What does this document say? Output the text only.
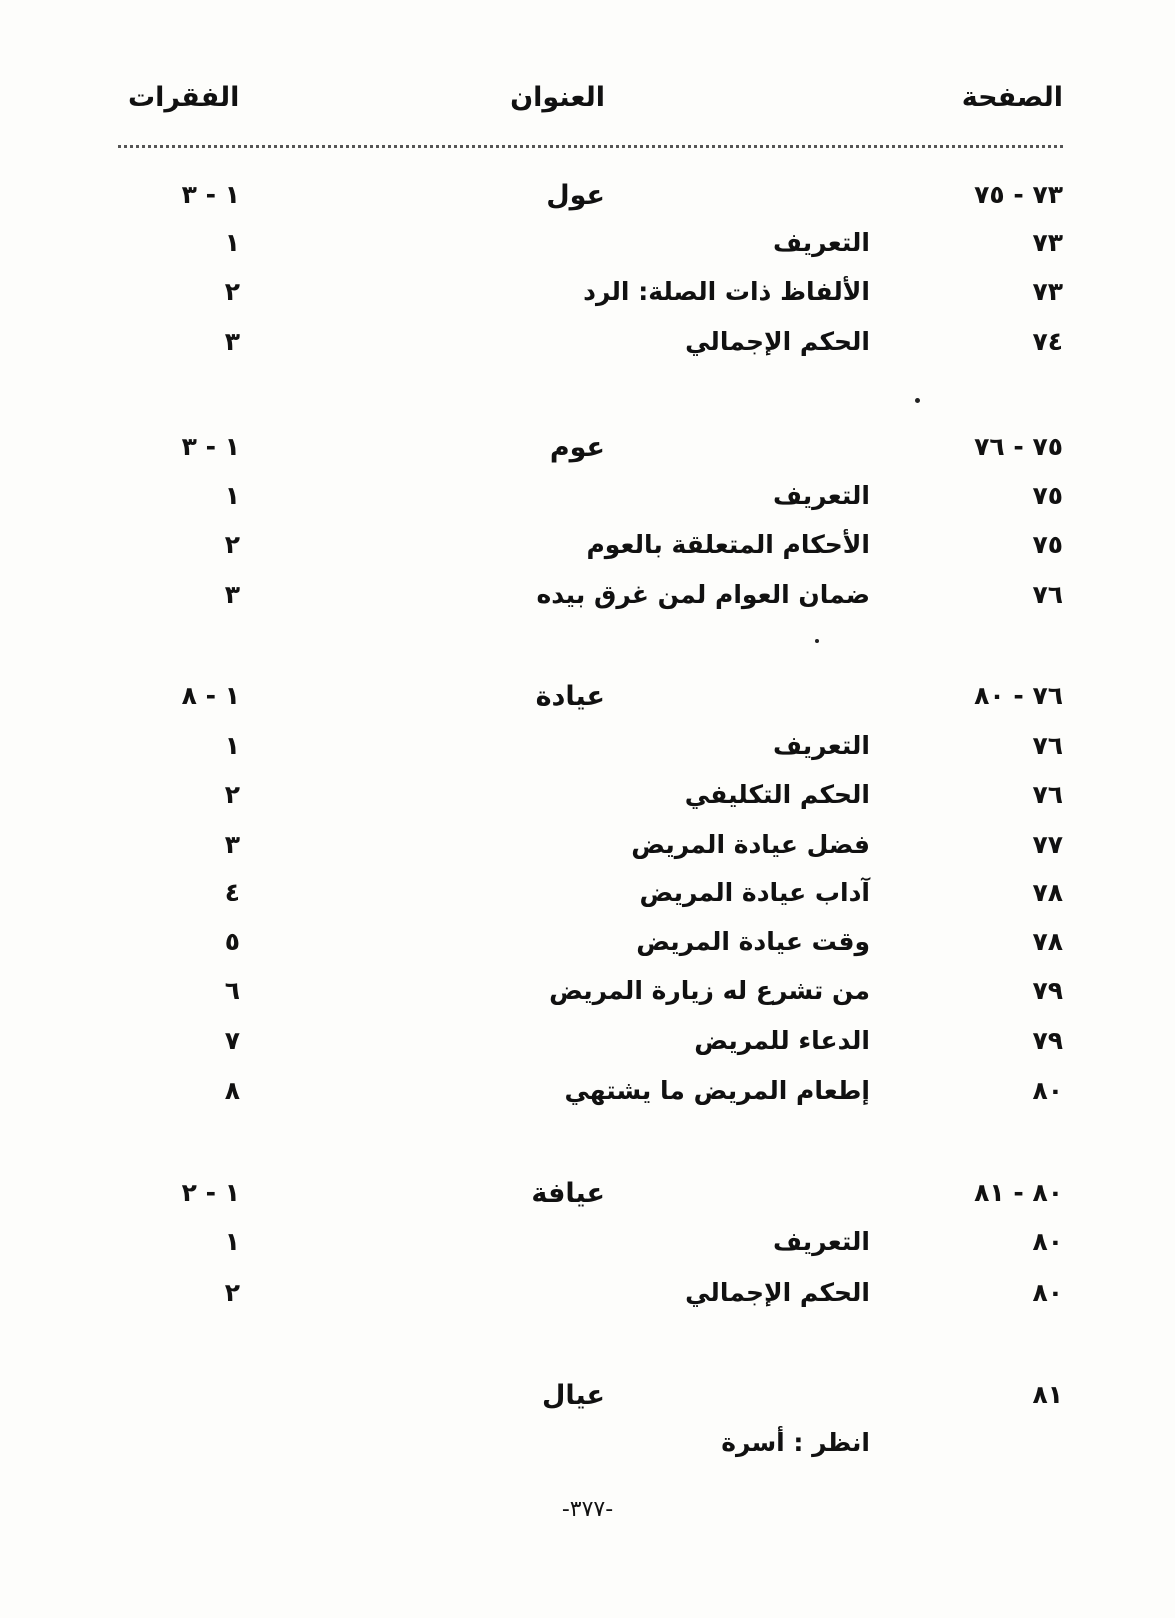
الصفحة
العنوان
الفقرات
٧٣ - ٧٥
عول
١ - ٣
٧٣
التعريف
١
٧٣
الألفاظ ذات الصلة: الرد
٢
٧٤
الحكم الإجمالي
٣
٧٥ - ٧٦
عوم
١ - ٣
٧٥
التعريف
١
٧٥
الأحكام المتعلقة بالعوم
٢
٧٦
ضمان العوام لمن غرق بيده
٣
٧٦ - ٨٠
عيادة
١ - ٨
٧٦
التعريف
١
٧٦
الحكم التكليفي
٢
٧٧
فضل عيادة المريض
٣
٧٨
آداب عيادة المريض
٤
٧٨
وقت عيادة المريض
٥
٧٩
من تشرع له زيارة المريض
٦
٧٩
الدعاء للمريض
٧
٨٠
إطعام المريض ما يشتهي
٨
٨٠ - ٨١
عيافة
١ - ٢
٨٠
التعريف
١
٨٠
الحكم الإجمالي
٢
٨١
عيال
انظر : أسرة
-٣٧٧-
